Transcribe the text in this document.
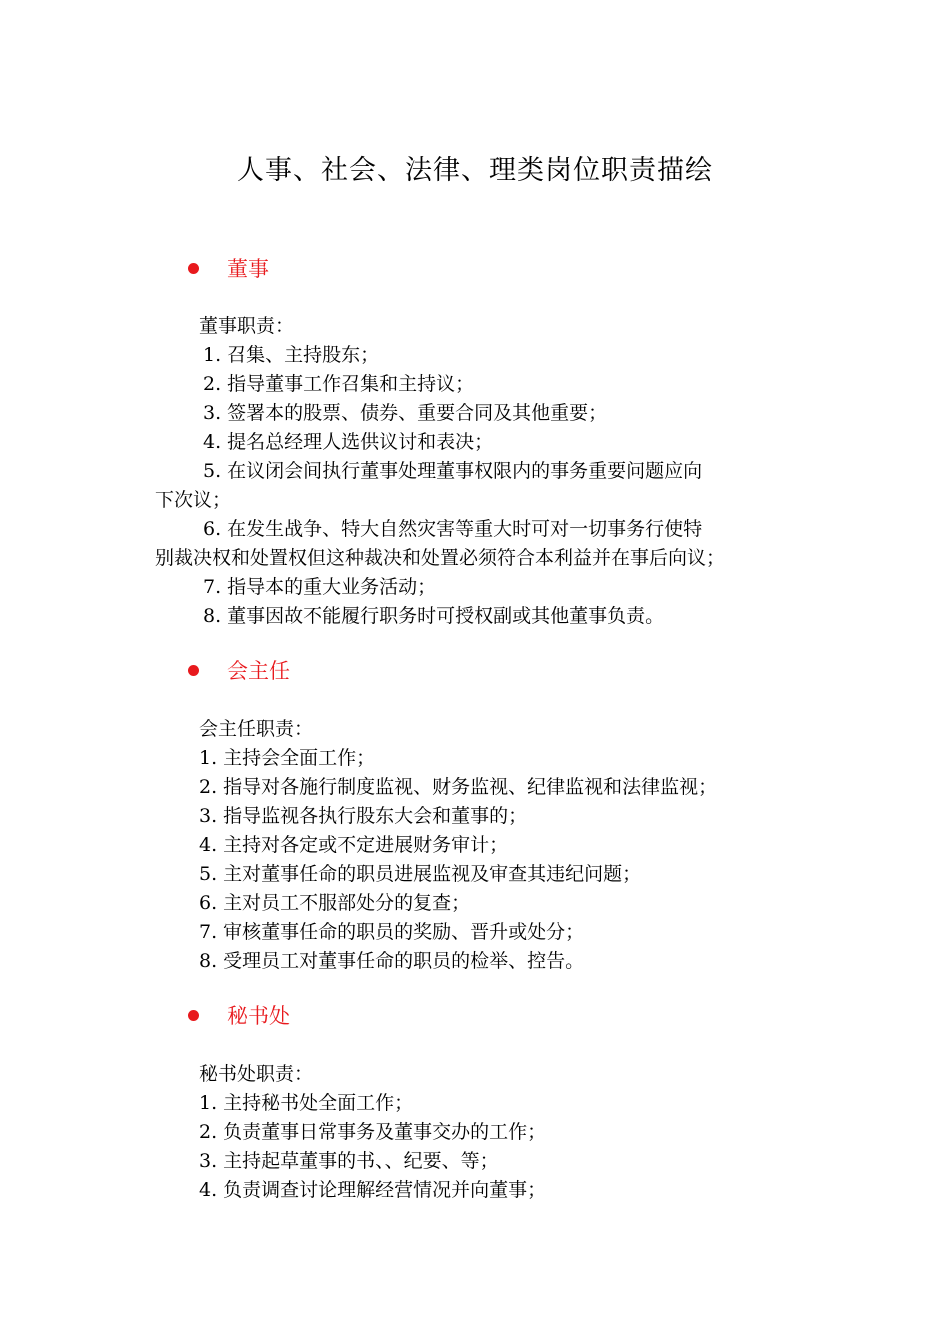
人事、社会、法律、理类岗位职责描绘
董事
董事职责：
1. 召集、主持股东；
2. 指导董事工作召集和主持议；
3. 签署本的股票、债券、重要合同及其他重要；
4. 提名总经理人选供议讨和表决；
5. 在议闭会间执行董事处理董事权限内的事务重要问题应向
下次议；
6. 在发生战争、特大自然灾害等重大时可对一切事务行使特
别裁决权和处置权但这种裁决和处置必须符合本利益并在事后向议；
7. 指导本的重大业务活动；
8. 董事因故不能履行职务时可授权副或其他董事负责。
会主任
会主任职责：
1. 主持会全面工作；
2. 指导对各施行制度监视、财务监视、纪律监视和法律监视；
3. 指导监视各执行股东大会和董事的；
4. 主持对各定或不定进展财务审计；
5. 主对董事任命的职员进展监视及审查其违纪问题；
6. 主对员工不服部处分的复查；
7. 审核董事任命的职员的奖励、晋升或处分；
8. 受理员工对董事任命的职员的检举、控告。
秘书处
秘书处职责：
1. 主持秘书处全面工作；
2. 负责董事日常事务及董事交办的工作；
3. 主持起草董事的书、、纪要、等；
4. 负责调查讨论理解经营情况并向董事；
